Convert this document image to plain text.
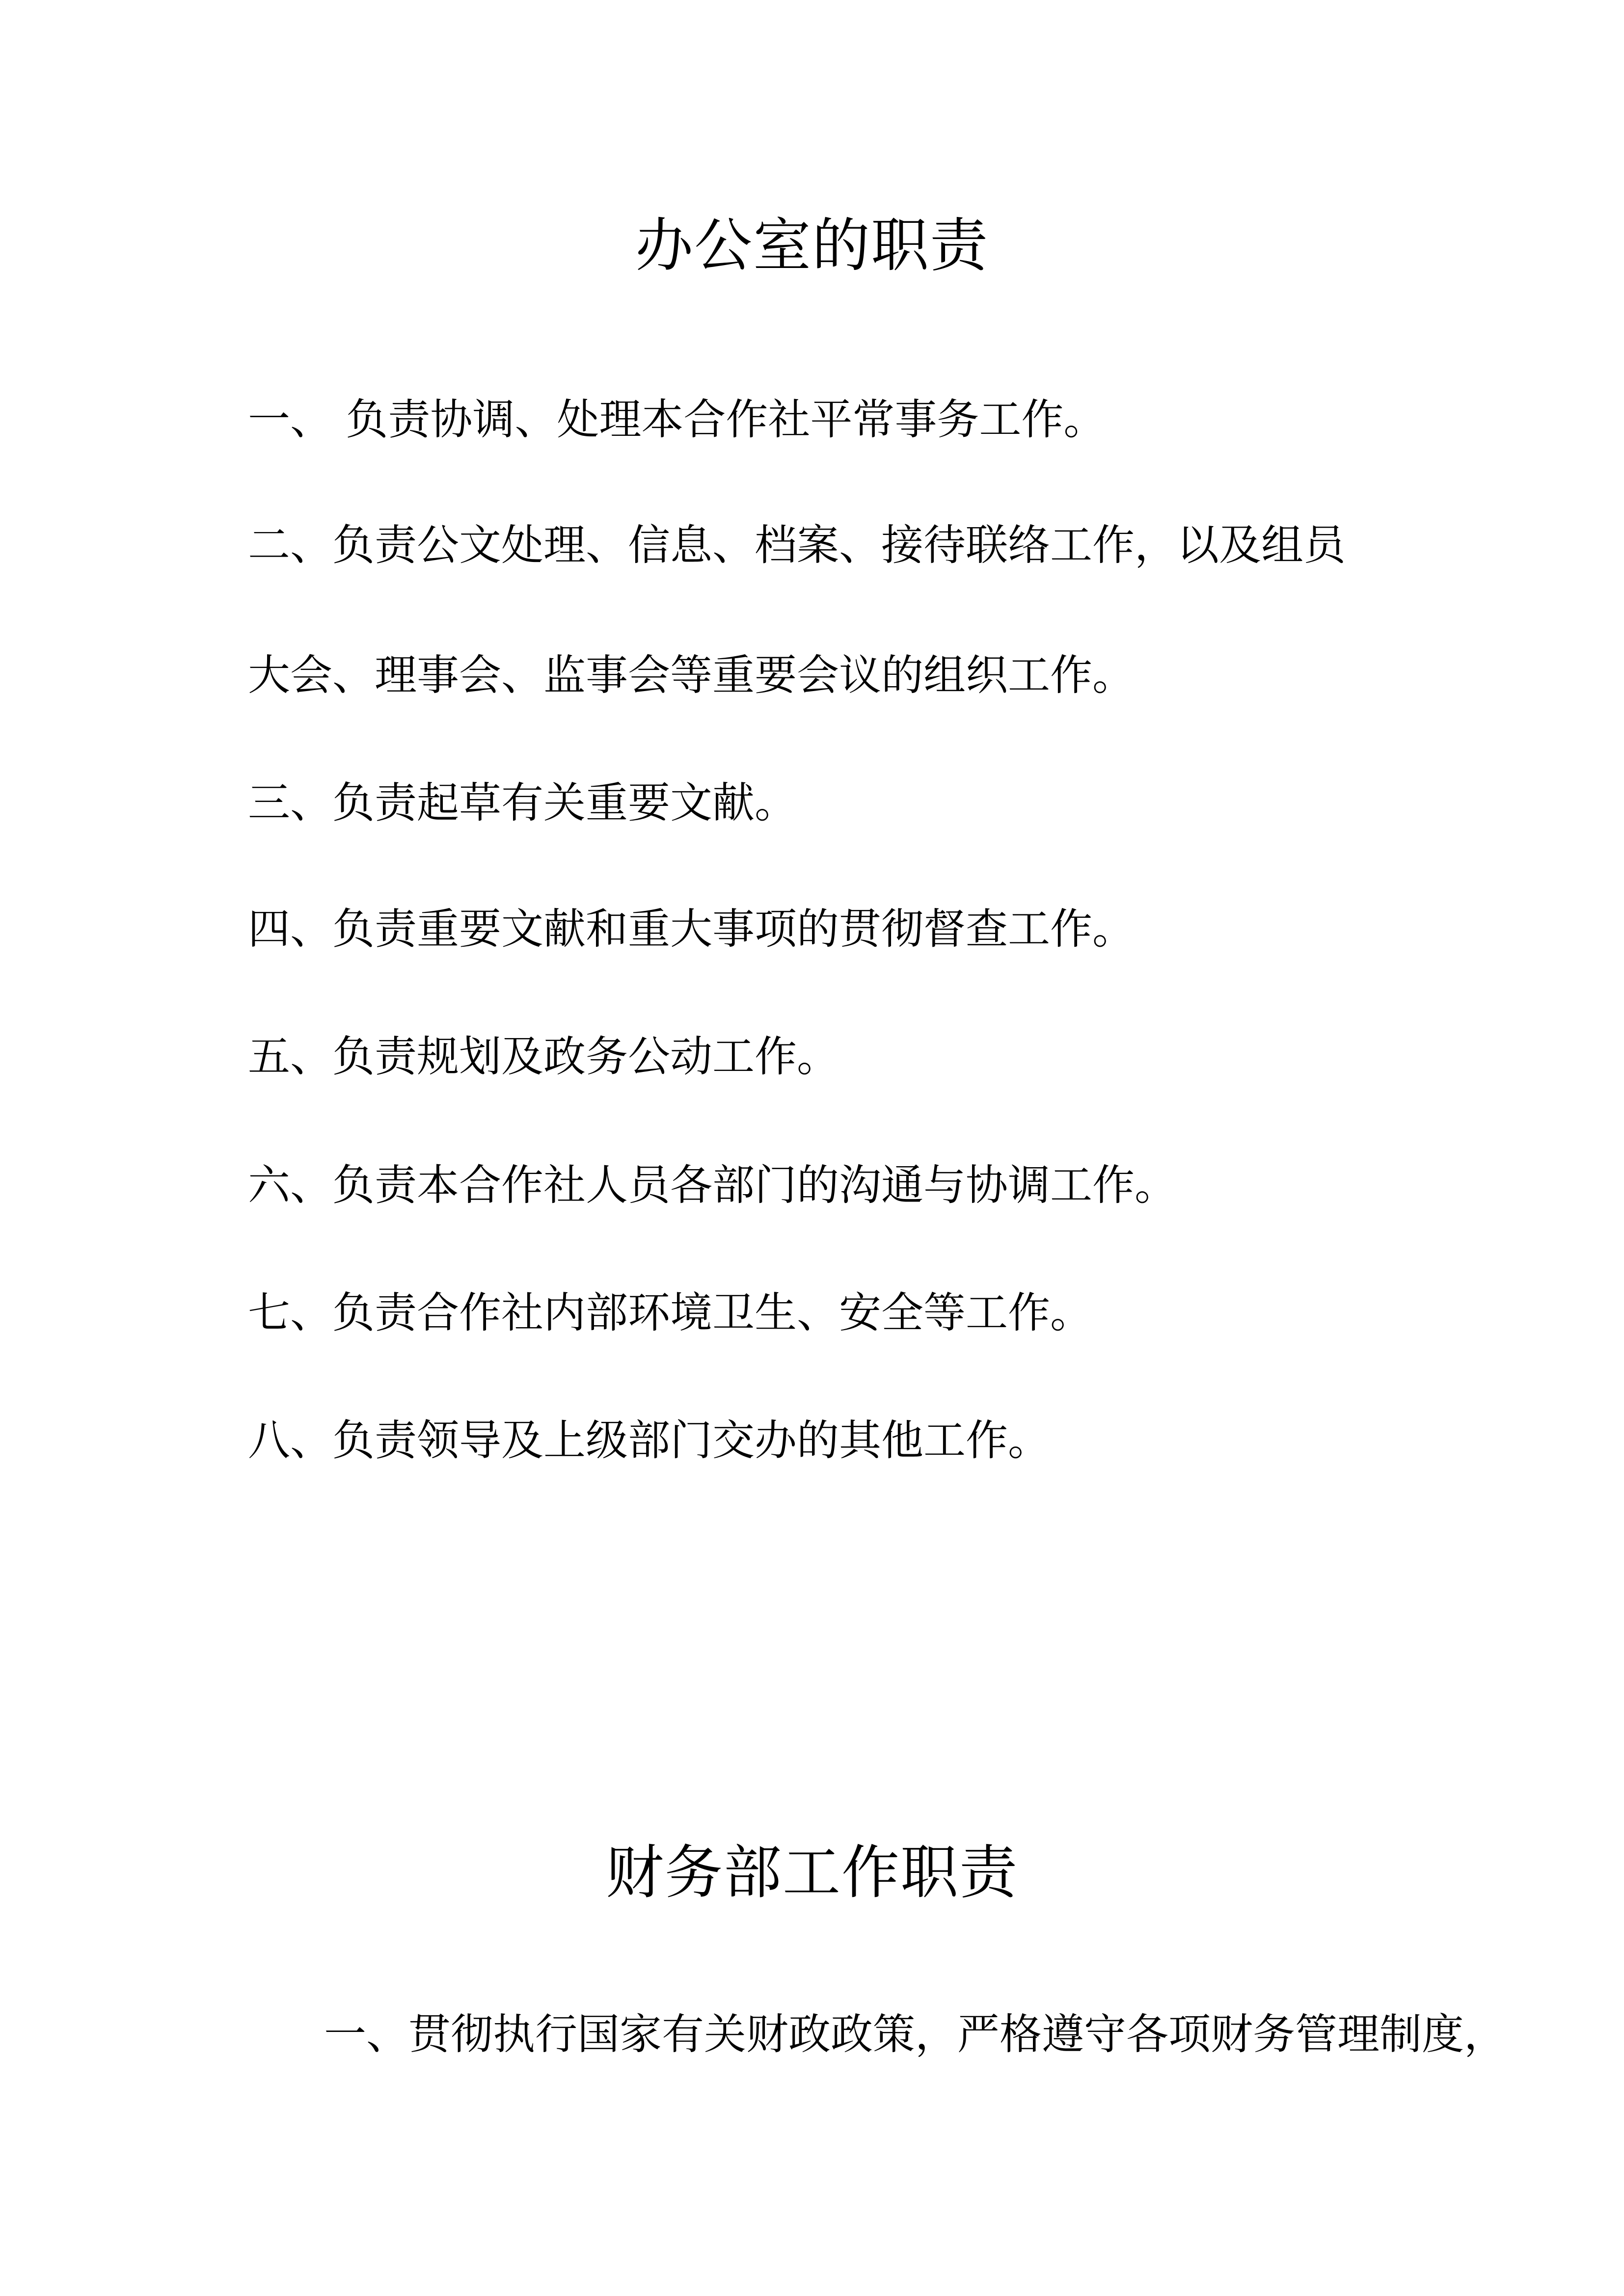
办公室的职责
一、 负责协调、处理本合作社平常事务工作。
二、负责公文处理、信息、档案、接待联络工作，以及组员
大会、理事会、监事会等重要会议的组织工作。
三、负责起草有关重要文献。
四、负责重要文献和重大事项的贯彻督查工作。
五、负责规划及政务公动工作。
六、负责本合作社人员各部门的沟通与协调工作。
七、负责合作社内部环境卫生、安全等工作。
八、负责领导及上级部门交办的其他工作。
财务部工作职责
一、贯彻执行国家有关财政政策，严格遵守各项财务管理制度，
